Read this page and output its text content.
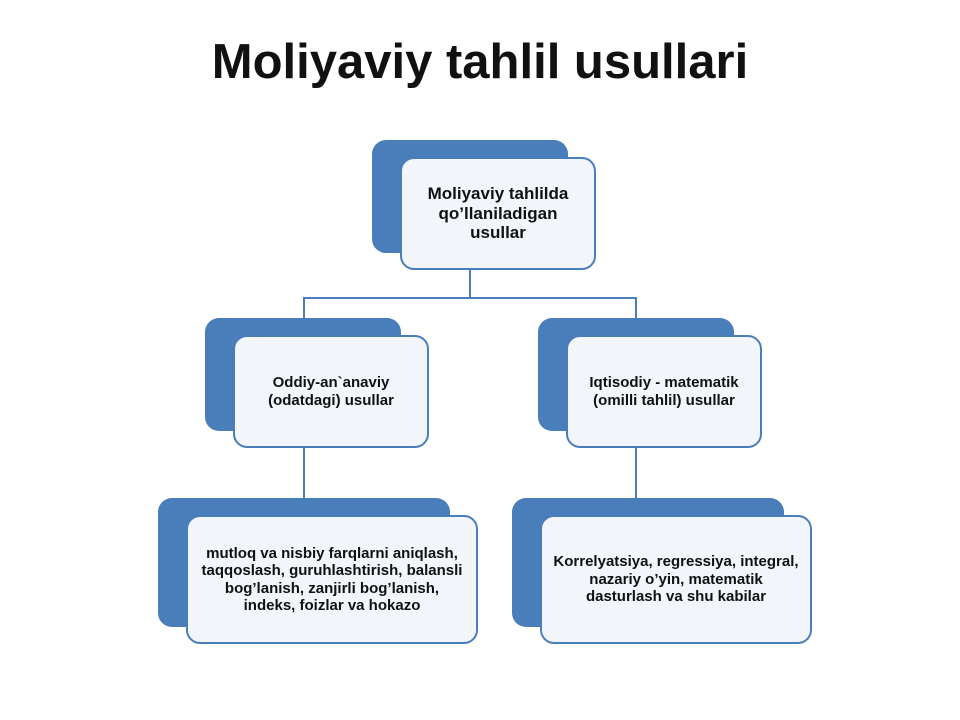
Moliyaviy tahlil usullari
Moliyaviy tahlilda qo’llaniladigan usullar
Oddiy-an`anaviy (odatdagi) usullar
Iqtisodiy - matematik (omilli tahlil) usullar
mutloq va nisbiy farqlarni aniqlash, taqqoslash, guruhlashtirish, balansli bog’lanish, zanjirli bog’lanish, indeks, foizlar va hokazo
Korrelyatsiya, regressiya, integral, nazariy o’yin, matematik dasturlash va shu kabilar
